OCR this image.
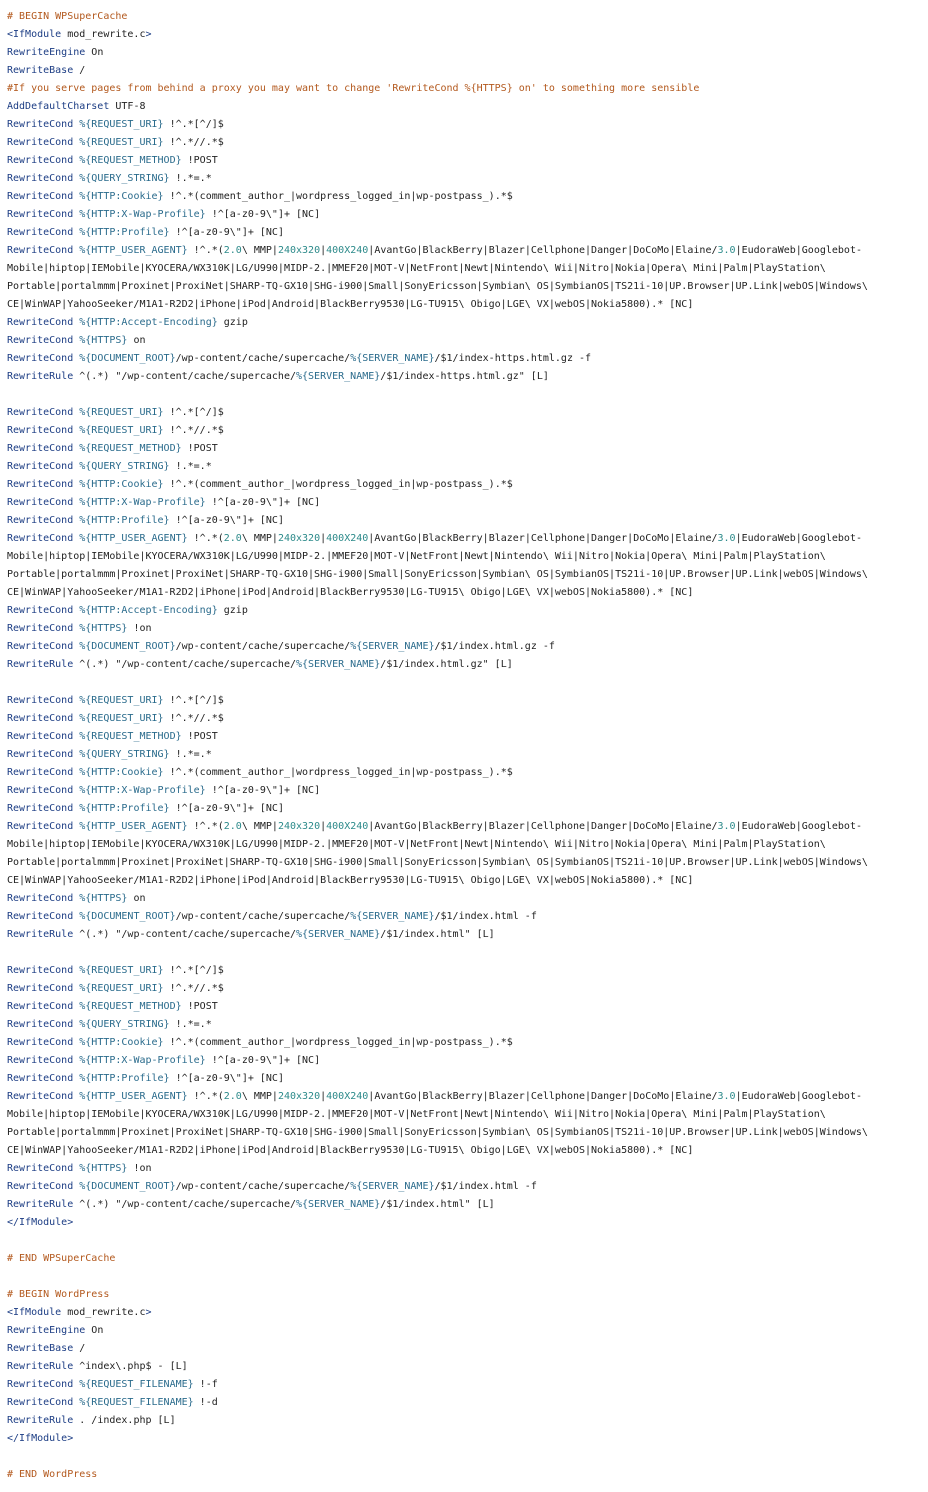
# BEGIN WPSuperCache
<IfModule mod_rewrite.c>
RewriteEngine On
RewriteBase /
#If you serve pages from behind a proxy you may want to change 'RewriteCond %{HTTPS} on' to something more sensible
AddDefaultCharset UTF-8
RewriteCond %{REQUEST_URI} !^.*[^/]$
RewriteCond %{REQUEST_URI} !^.*//.*$
RewriteCond %{REQUEST_METHOD} !POST
RewriteCond %{QUERY_STRING} !.*=.*
RewriteCond %{HTTP:Cookie} !^.*(comment_author_|wordpress_logged_in|wp-postpass_).*$
RewriteCond %{HTTP:X-Wap-Profile} !^[a-z0-9\"]+ [NC]
RewriteCond %{HTTP:Profile} !^[a-z0-9\"]+ [NC]
RewriteCond %{HTTP_USER_AGENT} !^.*(2.0\ MMP|240x320|400X240|AvantGo|BlackBerry|Blazer|Cellphone|Danger|DoCoMo|Elaine/3.0|EudoraWeb|Googlebot-
Mobile|hiptop|IEMobile|KYOCERA/WX310K|LG/U990|MIDP-2.|MMEF20|MOT-V|NetFront|Newt|Nintendo\ Wii|Nitro|Nokia|Opera\ Mini|Palm|PlayStation\
Portable|portalmmm|Proxinet|ProxiNet|SHARP-TQ-GX10|SHG-i900|Small|SonyEricsson|Symbian\ OS|SymbianOS|TS21i-10|UP.Browser|UP.Link|webOS|Windows\
CE|WinWAP|YahooSeeker/M1A1-R2D2|iPhone|iPod|Android|BlackBerry9530|LG-TU915\ Obigo|LGE\ VX|webOS|Nokia5800).* [NC]
RewriteCond %{HTTP:Accept-Encoding} gzip
RewriteCond %{HTTPS} on
RewriteCond %{DOCUMENT_ROOT}/wp-content/cache/supercache/%{SERVER_NAME}/$1/index-https.html.gz -f
RewriteRule ^(.*) "/wp-content/cache/supercache/%{SERVER_NAME}/$1/index-https.html.gz" [L]
RewriteCond %{REQUEST_URI} !^.*[^/]$
RewriteCond %{REQUEST_URI} !^.*//.*$
RewriteCond %{REQUEST_METHOD} !POST
RewriteCond %{QUERY_STRING} !.*=.*
RewriteCond %{HTTP:Cookie} !^.*(comment_author_|wordpress_logged_in|wp-postpass_).*$
RewriteCond %{HTTP:X-Wap-Profile} !^[a-z0-9\"]+ [NC]
RewriteCond %{HTTP:Profile} !^[a-z0-9\"]+ [NC]
RewriteCond %{HTTP_USER_AGENT} !^.*(2.0\ MMP|240x320|400X240|AvantGo|BlackBerry|Blazer|Cellphone|Danger|DoCoMo|Elaine/3.0|EudoraWeb|Googlebot-
Mobile|hiptop|IEMobile|KYOCERA/WX310K|LG/U990|MIDP-2.|MMEF20|MOT-V|NetFront|Newt|Nintendo\ Wii|Nitro|Nokia|Opera\ Mini|Palm|PlayStation\
Portable|portalmmm|Proxinet|ProxiNet|SHARP-TQ-GX10|SHG-i900|Small|SonyEricsson|Symbian\ OS|SymbianOS|TS21i-10|UP.Browser|UP.Link|webOS|Windows\
CE|WinWAP|YahooSeeker/M1A1-R2D2|iPhone|iPod|Android|BlackBerry9530|LG-TU915\ Obigo|LGE\ VX|webOS|Nokia5800).* [NC]
RewriteCond %{HTTP:Accept-Encoding} gzip
RewriteCond %{HTTPS} !on
RewriteCond %{DOCUMENT_ROOT}/wp-content/cache/supercache/%{SERVER_NAME}/$1/index.html.gz -f
RewriteRule ^(.*) "/wp-content/cache/supercache/%{SERVER_NAME}/$1/index.html.gz" [L]
RewriteCond %{REQUEST_URI} !^.*[^/]$
RewriteCond %{REQUEST_URI} !^.*//.*$
RewriteCond %{REQUEST_METHOD} !POST
RewriteCond %{QUERY_STRING} !.*=.*
RewriteCond %{HTTP:Cookie} !^.*(comment_author_|wordpress_logged_in|wp-postpass_).*$
RewriteCond %{HTTP:X-Wap-Profile} !^[a-z0-9\"]+ [NC]
RewriteCond %{HTTP:Profile} !^[a-z0-9\"]+ [NC]
RewriteCond %{HTTP_USER_AGENT} !^.*(2.0\ MMP|240x320|400X240|AvantGo|BlackBerry|Blazer|Cellphone|Danger|DoCoMo|Elaine/3.0|EudoraWeb|Googlebot-
Mobile|hiptop|IEMobile|KYOCERA/WX310K|LG/U990|MIDP-2.|MMEF20|MOT-V|NetFront|Newt|Nintendo\ Wii|Nitro|Nokia|Opera\ Mini|Palm|PlayStation\
Portable|portalmmm|Proxinet|ProxiNet|SHARP-TQ-GX10|SHG-i900|Small|SonyEricsson|Symbian\ OS|SymbianOS|TS21i-10|UP.Browser|UP.Link|webOS|Windows\
CE|WinWAP|YahooSeeker/M1A1-R2D2|iPhone|iPod|Android|BlackBerry9530|LG-TU915\ Obigo|LGE\ VX|webOS|Nokia5800).* [NC]
RewriteCond %{HTTPS} on
RewriteCond %{DOCUMENT_ROOT}/wp-content/cache/supercache/%{SERVER_NAME}/$1/index.html -f
RewriteRule ^(.*) "/wp-content/cache/supercache/%{SERVER_NAME}/$1/index.html" [L]
RewriteCond %{REQUEST_URI} !^.*[^/]$
RewriteCond %{REQUEST_URI} !^.*//.*$
RewriteCond %{REQUEST_METHOD} !POST
RewriteCond %{QUERY_STRING} !.*=.*
RewriteCond %{HTTP:Cookie} !^.*(comment_author_|wordpress_logged_in|wp-postpass_).*$
RewriteCond %{HTTP:X-Wap-Profile} !^[a-z0-9\"]+ [NC]
RewriteCond %{HTTP:Profile} !^[a-z0-9\"]+ [NC]
RewriteCond %{HTTP_USER_AGENT} !^.*(2.0\ MMP|240x320|400X240|AvantGo|BlackBerry|Blazer|Cellphone|Danger|DoCoMo|Elaine/3.0|EudoraWeb|Googlebot-
Mobile|hiptop|IEMobile|KYOCERA/WX310K|LG/U990|MIDP-2.|MMEF20|MOT-V|NetFront|Newt|Nintendo\ Wii|Nitro|Nokia|Opera\ Mini|Palm|PlayStation\
Portable|portalmmm|Proxinet|ProxiNet|SHARP-TQ-GX10|SHG-i900|Small|SonyEricsson|Symbian\ OS|SymbianOS|TS21i-10|UP.Browser|UP.Link|webOS|Windows\
CE|WinWAP|YahooSeeker/M1A1-R2D2|iPhone|iPod|Android|BlackBerry9530|LG-TU915\ Obigo|LGE\ VX|webOS|Nokia5800).* [NC]
RewriteCond %{HTTPS} !on
RewriteCond %{DOCUMENT_ROOT}/wp-content/cache/supercache/%{SERVER_NAME}/$1/index.html -f
RewriteRule ^(.*) "/wp-content/cache/supercache/%{SERVER_NAME}/$1/index.html" [L]
</IfModule>
# END WPSuperCache
# BEGIN WordPress
<IfModule mod_rewrite.c>
RewriteEngine On
RewriteBase /
RewriteRule ^index\.php$ - [L]
RewriteCond %{REQUEST_FILENAME} !-f
RewriteCond %{REQUEST_FILENAME} !-d
RewriteRule . /index.php [L]
</IfModule>
# END WordPress
